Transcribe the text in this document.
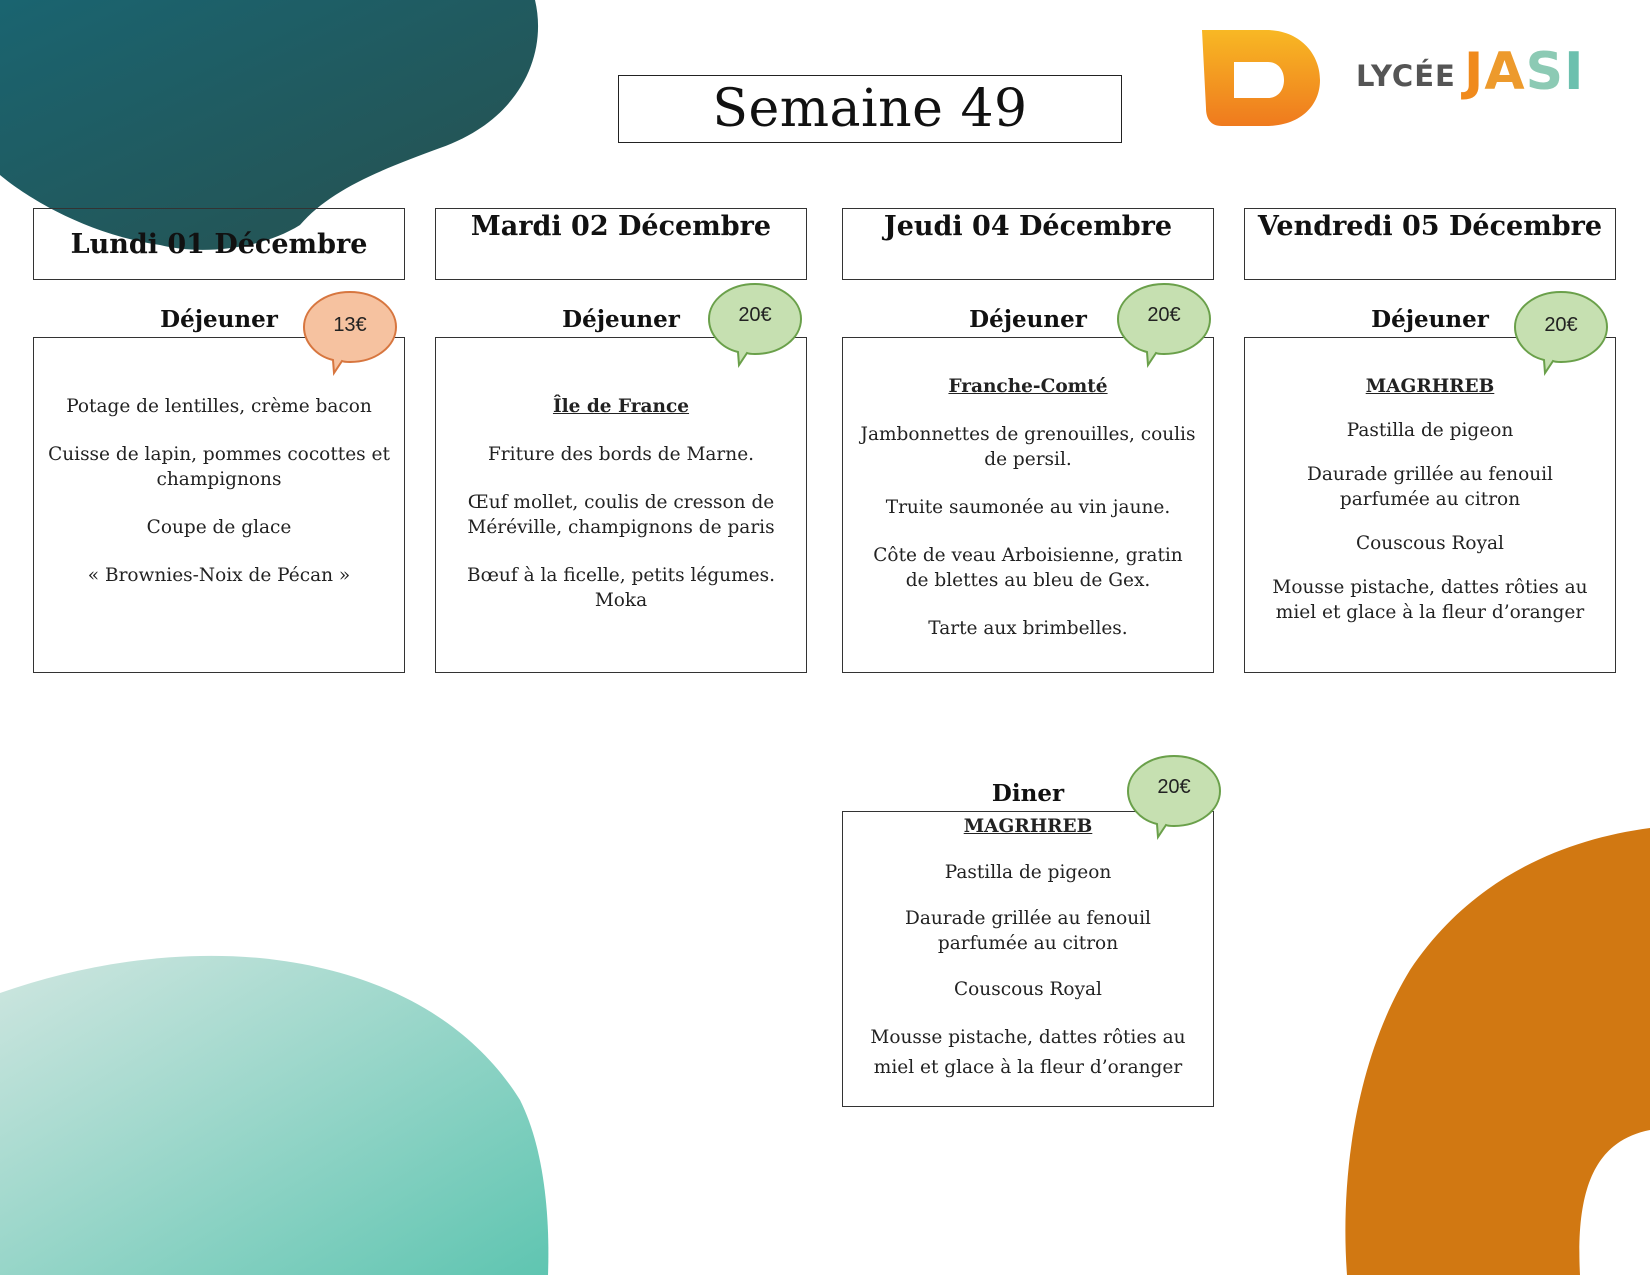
Semaine 49
LYCÉE JASI
Lundi 01 Décembre
Déjeuner

Potage de lentilles, crème bacon

Cuisse de lapin, pommes cocottes et champignons

Coupe de glace

« Brownies-Noix de Pécan »

13€
Mardi 02 Décembre
Déjeuner

Île de France

Friture des bords de Marne.

Œuf mollet, coulis de cresson de Méréville, champignons de paris

Bœuf à la ficelle, petits légumes. Moka

20€
Jeudi 04 Décembre
Déjeuner

Franche-Comté

Jambonnettes de grenouilles, coulis de persil.

Truite saumonée au vin jaune.

Côte de veau Arboisienne, gratin de blettes au bleu de Gex.

Tarte aux brimbelles.

20€
Vendredi 05 Décembre
Déjeuner

MAGRHREB

Pastilla de pigeon

Daurade grillée au fenouil parfumée au citron

Couscous Royal

Mousse pistache, dattes rôties au miel et glace à la fleur d’oranger

20€
Diner

MAGRHREB

Pastilla de pigeon

Daurade grillée au fenouil parfumée au citron

Couscous Royal

Mousse pistache, dattes rôties au miel et glace à la fleur d’oranger

20€
